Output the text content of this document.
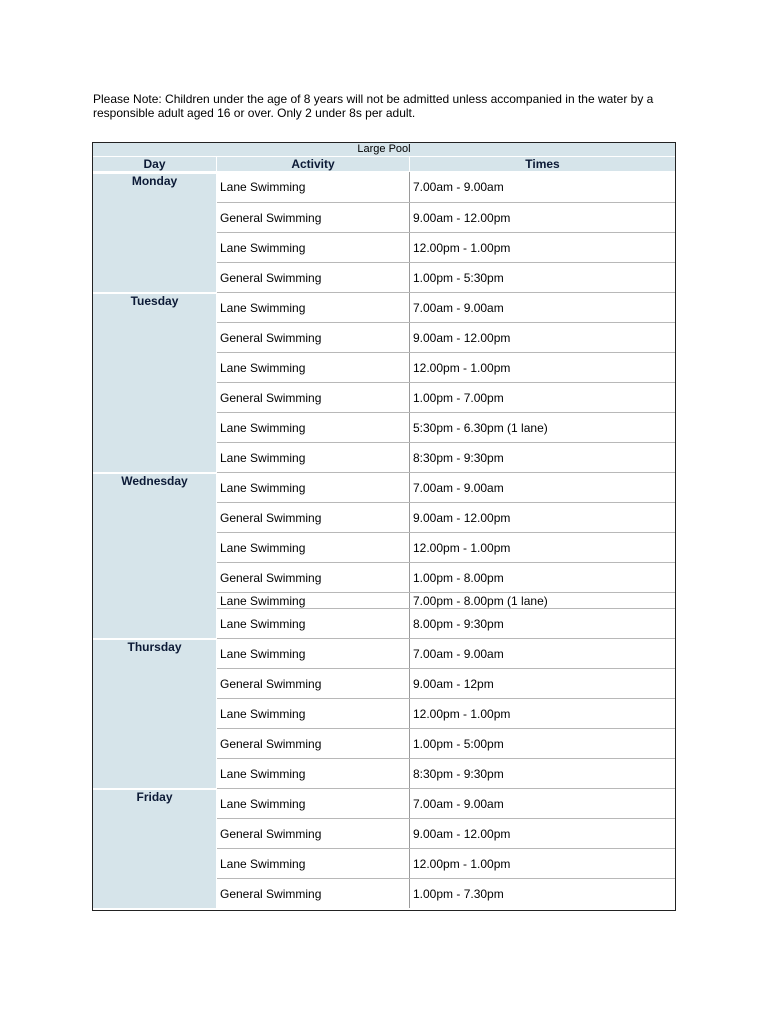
Please Note: Children under the age of 8 years will not be admitted unless accompanied in the water by a responsible adult aged 16 or over. Only 2 under 8s per adult.

Large Pool
Day	Activity	Times
Monday	Lane Swimming	7.00am - 9.00am
General Swimming	9.00am - 12.00pm
Lane Swimming	12.00pm - 1.00pm
General Swimming	1.00pm - 5:30pm
Tuesday	Lane Swimming	7.00am - 9.00am
General Swimming	9.00am - 12.00pm
Lane Swimming	12.00pm - 1.00pm
General Swimming	1.00pm - 7.00pm
Lane Swimming	5:30pm - 6.30pm (1 lane)
Lane Swimming	8:30pm - 9:30pm
Wednesday	Lane Swimming	7.00am - 9.00am
General Swimming	9.00am - 12.00pm
Lane Swimming	12.00pm - 1.00pm
General Swimming	1.00pm - 8.00pm
Lane Swimming	7.00pm - 8.00pm (1 lane)
Lane Swimming	8.00pm - 9:30pm
Thursday	Lane Swimming	7.00am - 9.00am
General Swimming	9.00am - 12pm
Lane Swimming	12.00pm - 1.00pm
General Swimming	1.00pm - 5:00pm
Lane Swimming	8:30pm - 9:30pm
Friday	Lane Swimming	7.00am - 9.00am
General Swimming	9.00am - 12.00pm
Lane Swimming	12.00pm - 1.00pm
General Swimming	1.00pm - 7.30pm
